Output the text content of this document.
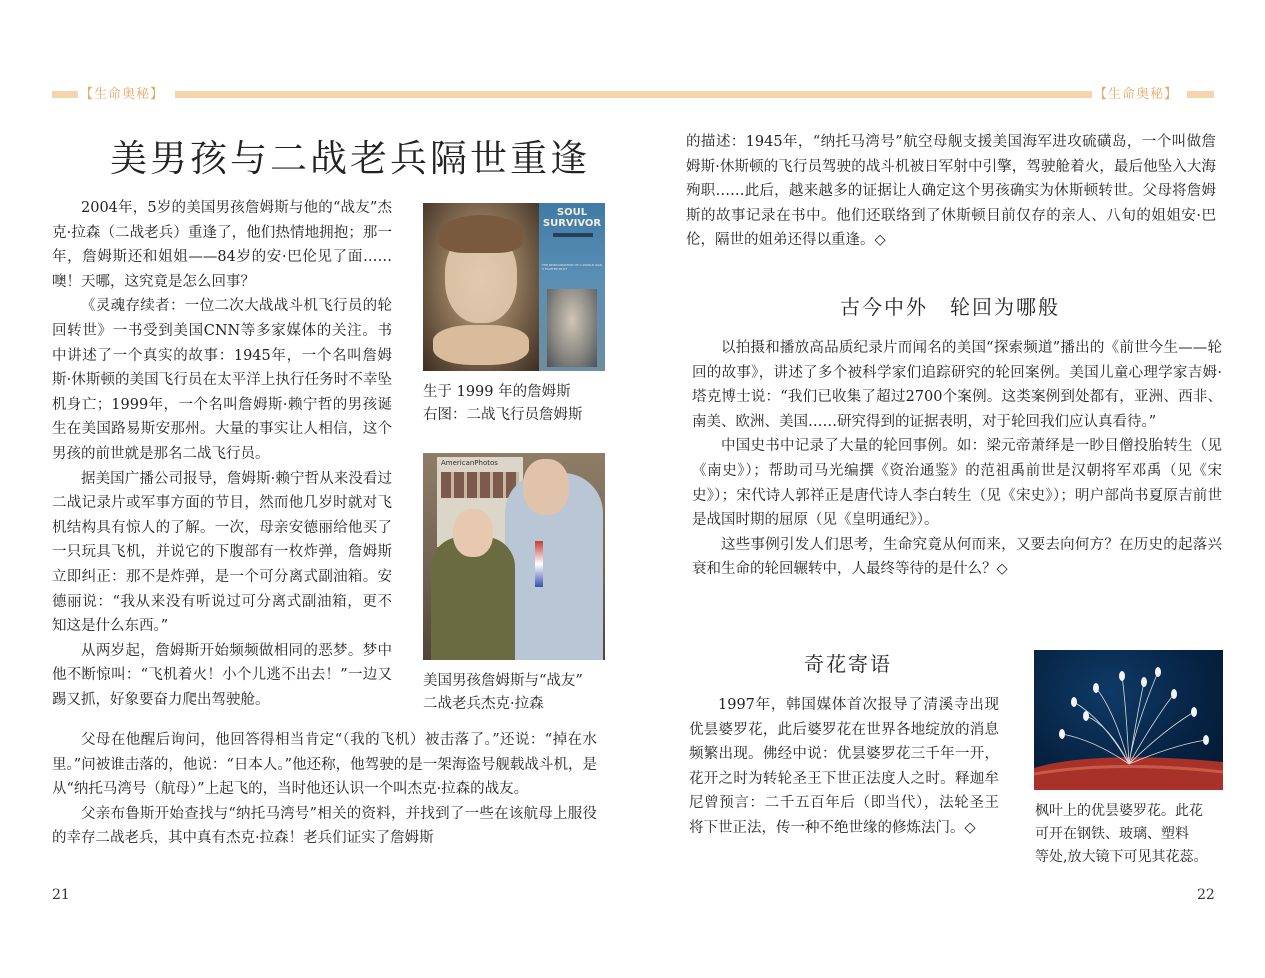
【生命奥秘】	【生命奥秘】
美男孩与二战老兵隔世重逢

2004年，5岁的美国男孩詹姆斯与他的“战友”杰克·拉森（二战老兵）重逢了，他们热情地拥抱；那一年，詹姆斯还和姐姐——84岁的安·巴伦见了面……噢！天哪，这究竟是怎么回事？

《灵魂存续者：一位二次大战战斗机飞行员的轮回转世》一书受到美国CNN等多家媒体的关注。书中讲述了一个真实的故事：1945年，一个名叫詹姆斯·休斯顿的美国飞行员在太平洋上执行任务时不幸坠机身亡；1999年，一个名叫詹姆斯·赖宁哲的男孩诞生在美国路易斯安那州。大量的事实让人相信，这个男孩的前世就是那名二战飞行员。

据美国广播公司报导，詹姆斯·赖宁哲从来没看过二战记录片或军事方面的节目，然而他几岁时就对飞机结构具有惊人的了解。一次，母亲安德丽给他买了一只玩具飞机，并说它的下腹部有一枚炸弹，詹姆斯立即纠正：那不是炸弹，是一个可分离式副油箱。安德丽说：“我从来没有听说过可分离式副油箱，更不知这是什么东西。”

从两岁起，詹姆斯开始频频做相同的恶梦。梦中他不断惊叫：“飞机着火！小个儿逃不出去！”一边又踢又抓，好象要奋力爬出驾驶舱。

父母在他醒后询问，他回答得相当肯定“（我的飞机）被击落了。”还说：“掉在水里。”问被谁击落的，他说：“日本人。”他还称，他驾驶的是一架海盗号舰载战斗机，是从“纳托马湾号（航母）”上起飞的，当时他还认识一个叫杰克·拉森的战友。

父亲布鲁斯开始查找与“纳托马湾号”相关的资料，并找到了一些在该航母上服役的幸存二战老兵，其中真有杰克·拉森！老兵们证实了詹姆斯

SOUL
SURVIVOR
THE REINCARNATION OF A WORLD WAR II FIGHTER PILOT
生于 1999 年的詹姆斯
右图：二战飞行员詹姆斯
AmericanPhotos
美国男孩詹姆斯与“战友”
二战老兵杰克·拉森
21

的描述：1945年，“纳托马湾号”航空母舰支援美国海军进攻硫磺岛，一个叫做詹姆斯·休斯顿的飞行员驾驶的战斗机被日军射中引擎，驾驶舱着火，最后他坠入大海殉职……此后，越来越多的证据让人确定这个男孩确实为休斯顿转世。父母将詹姆斯的故事记录在书中。他们还联络到了休斯顿目前仅存的亲人、八旬的姐姐安·巴伦，隔世的姐弟还得以重逢。◇

古今中外　轮回为哪般

以拍摄和播放高品质纪录片而闻名的美国“探索频道”播出的《前世今生——轮回的故事》，讲述了多个被科学家们追踪研究的轮回案例。美国儿童心理学家吉姆·塔克博士说：“我们已收集了超过2700个案例。这类案例到处都有，亚洲、西非、南美、欧洲、美国……研究得到的证据表明，对于轮回我们应认真看待。”

中国史书中记录了大量的轮回事例。如：梁元帝萧绎是一眇目僧投胎转生（见《南史》）；帮助司马光编撰《资治通鉴》的范祖禹前世是汉朝将军邓禹（见《宋史》）；宋代诗人郭祥正是唐代诗人李白转生（见《宋史》）；明户部尚书夏原吉前世是战国时期的屈原（见《皇明通纪》）。

这些事例引发人们思考，生命究竟从何而来，又要去向何方？在历史的起落兴衰和生命的轮回辗转中，人最终等待的是什么？◇

奇花寄语

1997年，韩国媒体首次报导了清溪寺出现优昙婆罗花，此后婆罗花在世界各地绽放的消息频繁出现。佛经中说：优昙婆罗花三千年一开，花开之时为转轮圣王下世正法度人之时。释迦牟尼曾预言：二千五百年后（即当代），法轮圣王将下世正法，传一种不绝世缘的修炼法门。◇

枫叶上的优昙婆罗花。此花
可开在钢铁、玻璃、塑料
等处,放大镜下可见其花蕊。
22
